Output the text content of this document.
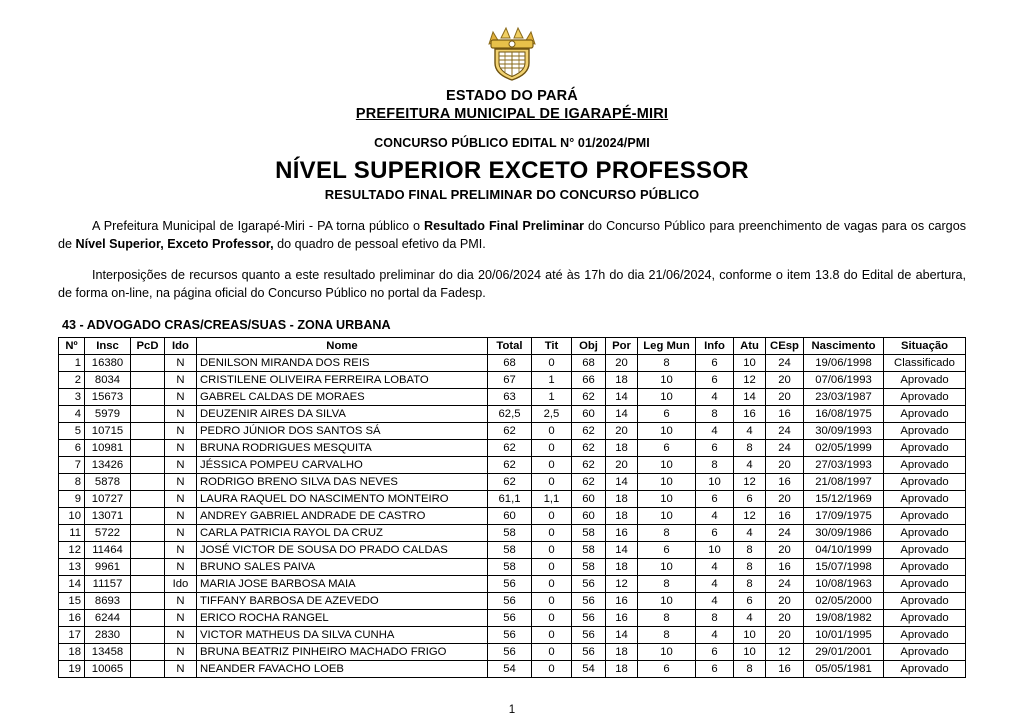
ESTADO DO PARÁ
PREFEITURA MUNICIPAL DE IGARAPÉ-MIRI
CONCURSO PÚBLICO EDITAL N° 01/2024/PMI
NÍVEL SUPERIOR EXCETO PROFESSOR
RESULTADO FINAL PRELIMINAR DO CONCURSO PÚBLICO

A Prefeitura Municipal de Igarapé-Miri - PA torna público o Resultado Final Preliminar do Concurso Público para preenchimento de vagas para os cargos de Nível Superior, Exceto Professor, do quadro de pessoal efetivo da PMI.

Interposições de recursos quanto a este resultado preliminar do dia 20/06/2024 até às 17h do dia 21/06/2024, conforme o item 13.8 do Edital de abertura, de forma on-line, na página oficial do Concurso Público no portal da Fadesp.

43 - ADVOGADO CRAS/CREAS/SUAS - ZONA URBANA
Nº	Insc	PcD	Ido	Nome	Total	Tit	Obj	Por	Leg Mun	Info	Atu	CEsp	Nascimento	Situação
1	16380		N	DENILSON MIRANDA DOS REIS	68	0	68	20	8	6	10	24	19/06/1998	Classificado
2	8034		N	CRISTILENE OLIVEIRA FERREIRA LOBATO	67	1	66	18	10	6	12	20	07/06/1993	Aprovado
3	15673		N	GABREL CALDAS DE MORAES	63	1	62	14	10	4	14	20	23/03/1987	Aprovado
4	5979		N	DEUZENIR AIRES DA SILVA	62,5	2,5	60	14	6	8	16	16	16/08/1975	Aprovado
5	10715		N	PEDRO JÚNIOR DOS SANTOS SÁ	62	0	62	20	10	4	4	24	30/09/1993	Aprovado
6	10981		N	BRUNA RODRIGUES MESQUITA	62	0	62	18	6	6	8	24	02/05/1999	Aprovado
7	13426		N	JÉSSICA POMPEU CARVALHO	62	0	62	20	10	8	4	20	27/03/1993	Aprovado
8	5878		N	RODRIGO BRENO SILVA DAS NEVES	62	0	62	14	10	10	12	16	21/08/1997	Aprovado
9	10727		N	LAURA RAQUEL DO NASCIMENTO MONTEIRO	61,1	1,1	60	18	10	6	6	20	15/12/1969	Aprovado
10	13071		N	ANDREY GABRIEL ANDRADE DE CASTRO	60	0	60	18	10	4	12	16	17/09/1975	Aprovado
11	5722		N	CARLA PATRICIA RAYOL DA CRUZ	58	0	58	16	8	6	4	24	30/09/1986	Aprovado
12	11464		N	JOSÉ VICTOR DE SOUSA DO PRADO CALDAS	58	0	58	14	6	10	8	20	04/10/1999	Aprovado
13	9961		N	BRUNO SALES PAIVA	58	0	58	18	10	4	8	16	15/07/1998	Aprovado
14	11157		Ido	MARIA JOSE BARBOSA MAIA	56	0	56	12	8	4	8	24	10/08/1963	Aprovado
15	8693		N	TIFFANY BARBOSA DE AZEVEDO	56	0	56	16	10	4	6	20	02/05/2000	Aprovado
16	6244		N	ERICO ROCHA RANGEL	56	0	56	16	8	8	4	20	19/08/1982	Aprovado
17	2830		N	VICTOR MATHEUS DA SILVA CUNHA	56	0	56	14	8	4	10	20	10/01/1995	Aprovado
18	13458		N	BRUNA BEATRIZ PINHEIRO MACHADO FRIGO	56	0	56	18	10	6	10	12	29/01/2001	Aprovado
19	10065		N	NEANDER FAVACHO LOEB	54	0	54	18	6	6	8	16	05/05/1981	Aprovado
1
